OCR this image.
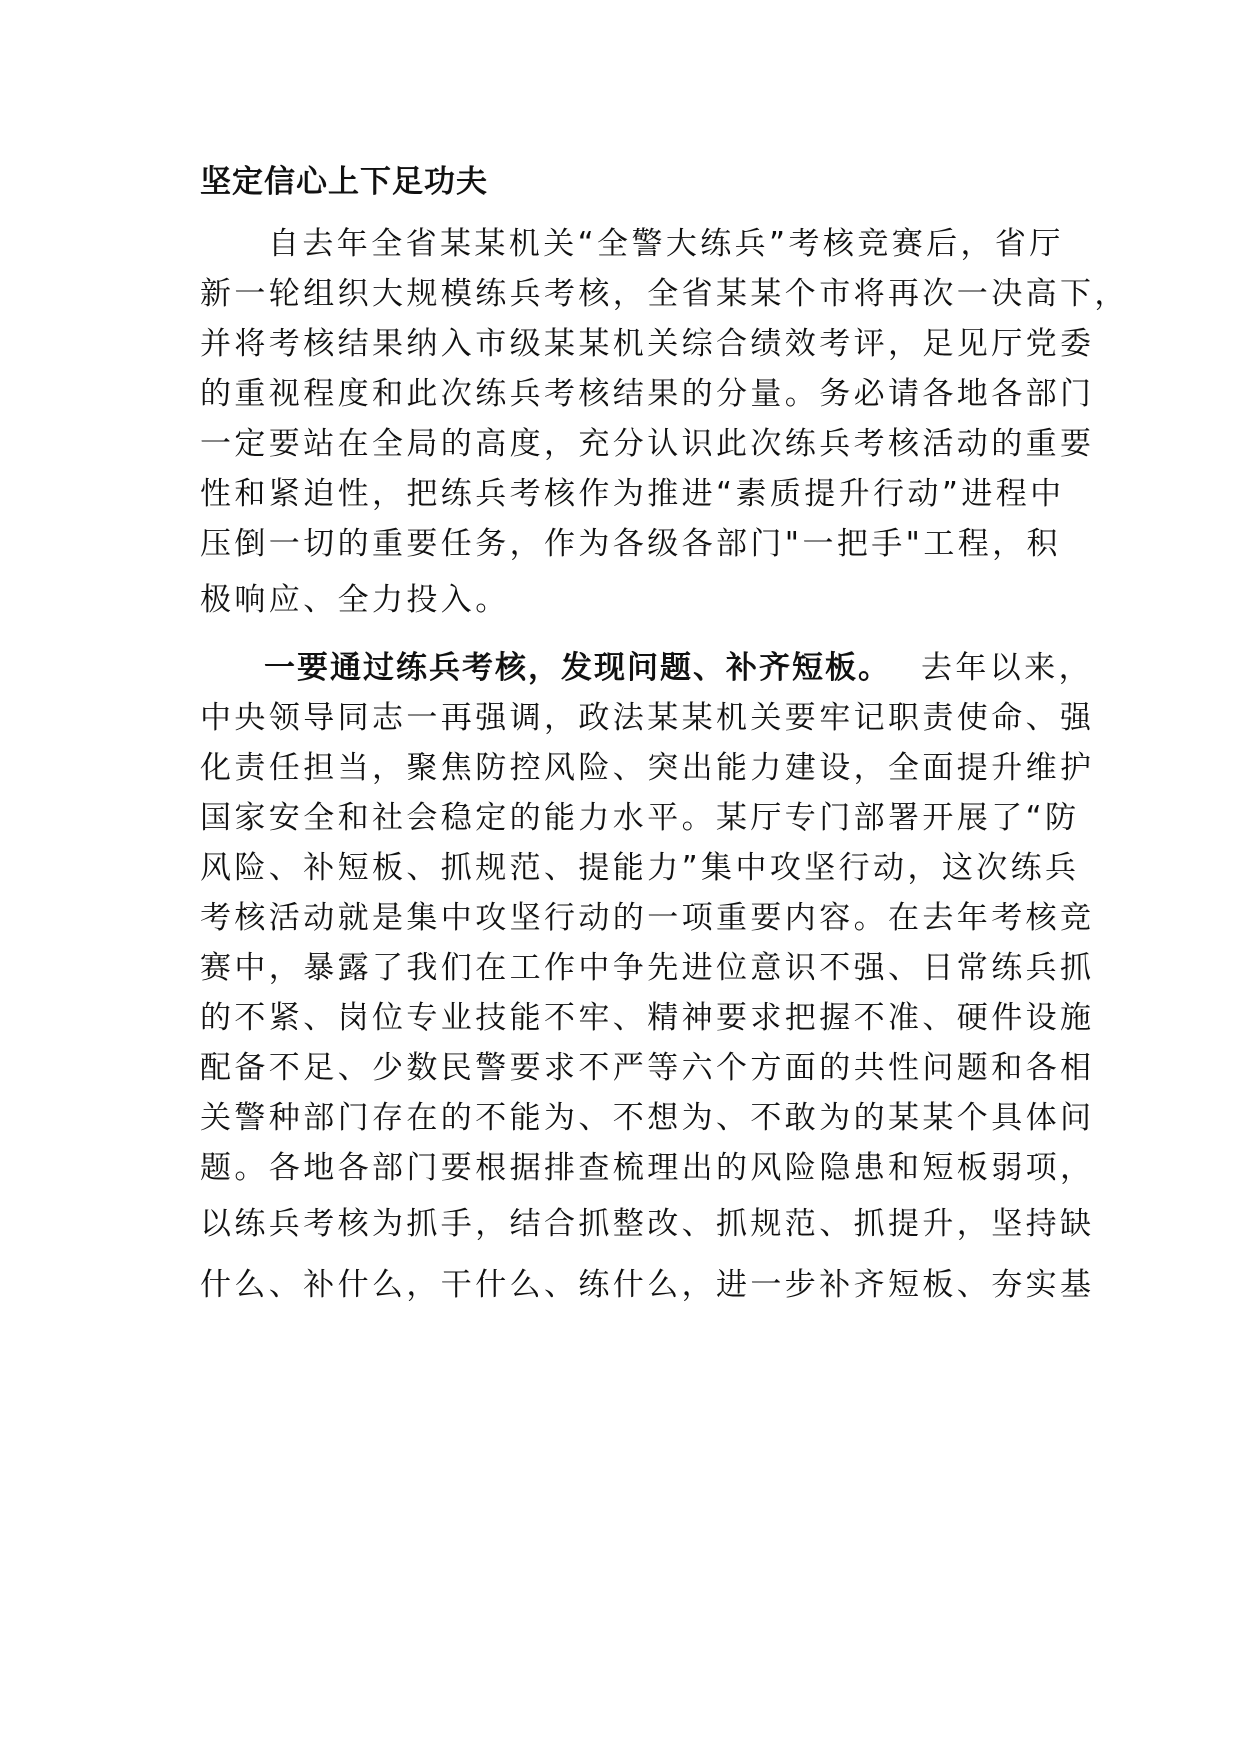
坚定信心上下足功夫
自去年全省某某机关“全警大练兵”考核竞赛后，省厅
新一轮组织大规模练兵考核，全省某某个市将再次一决高下，
并将考核结果纳入市级某某机关综合绩效考评，足见厅党委
的重视程度和此次练兵考核结果的分量。务必请各地各部门
一定要站在全局的高度，充分认识此次练兵考核活动的重要
性和紧迫性，把练兵考核作为推进“素质提升行动”进程中
压倒一切的重要任务，作为各级各部门"一把手"工程，积
极响应、全力投入。
一要通过练兵考核，发现问题、补齐短板。 去年以来，
中央领导同志一再强调，政法某某机关要牢记职责使命、强
化责任担当，聚焦防控风险、突出能力建设，全面提升维护
国家安全和社会稳定的能力水平。某厅专门部署开展了“防
风险、补短板、抓规范、提能力”集中攻坚行动，这次练兵
考核活动就是集中攻坚行动的一项重要内容。在去年考核竞
赛中，暴露了我们在工作中争先进位意识不强、日常练兵抓
的不紧、岗位专业技能不牢、精神要求把握不准、硬件设施
配备不足、少数民警要求不严等六个方面的共性问题和各相
关警种部门存在的不能为、不想为、不敢为的某某个具体问
题。各地各部门要根据排查梳理出的风险隐患和短板弱项，
以练兵考核为抓手，结合抓整改、抓规范、抓提升，坚持缺
什么、补什么，干什么、练什么，进一步补齐短板、夯实基
